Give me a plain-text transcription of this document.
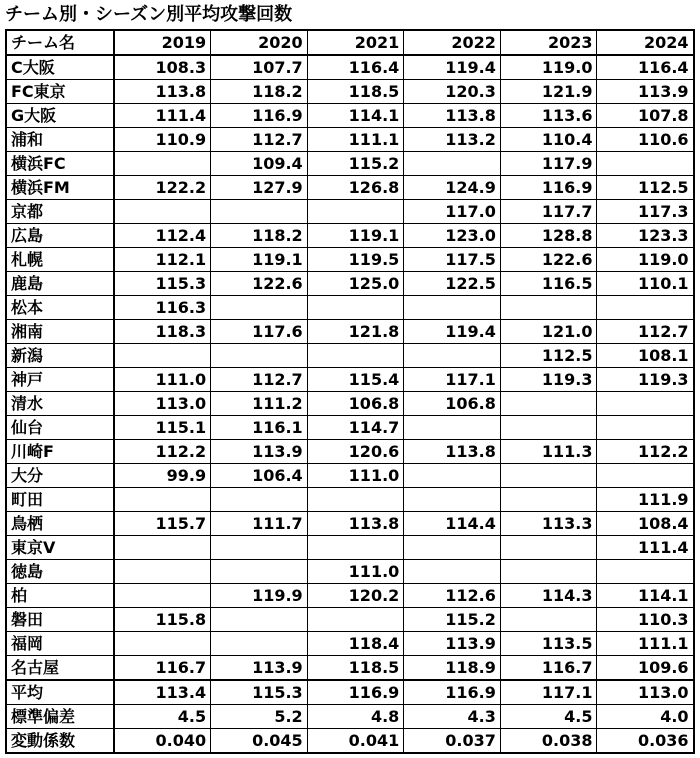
チーム別・シーズン別平均攻撃回数
チーム名	2019	2020	2021	2022	2023	2024
C大阪	108.3	107.7	116.4	119.4	119.0	116.4
FC東京	113.8	118.2	118.5	120.3	121.9	113.9
G大阪	111.4	116.9	114.1	113.8	113.6	107.8
浦和	110.9	112.7	111.1	113.2	110.4	110.6
横浜FC		109.4	115.2		117.9	
横浜FM	122.2	127.9	126.8	124.9	116.9	112.5
京都				117.0	117.7	117.3
広島	112.4	118.2	119.1	123.0	128.8	123.3
札幌	112.1	119.1	119.5	117.5	122.6	119.0
鹿島	115.3	122.6	125.0	122.5	116.5	110.1
松本	116.3					
湘南	118.3	117.6	121.8	119.4	121.0	112.7
新潟					112.5	108.1
神戸	111.0	112.7	115.4	117.1	119.3	119.3
清水	113.0	111.2	106.8	106.8		
仙台	115.1	116.1	114.7			
川崎F	112.2	113.9	120.6	113.8	111.3	112.2
大分	99.9	106.4	111.0			
町田						111.9
鳥栖	115.7	111.7	113.8	114.4	113.3	108.4
東京V						111.4
徳島			111.0			
柏		119.9	120.2	112.6	114.3	114.1
磐田	115.8			115.2		110.3
福岡			118.4	113.9	113.5	111.1
名古屋	116.7	113.9	118.5	118.9	116.7	109.6
平均	113.4	115.3	116.9	116.9	117.1	113.0
標準偏差	4.5	5.2	4.8	4.3	4.5	4.0
変動係数	0.040	0.045	0.041	0.037	0.038	0.036
